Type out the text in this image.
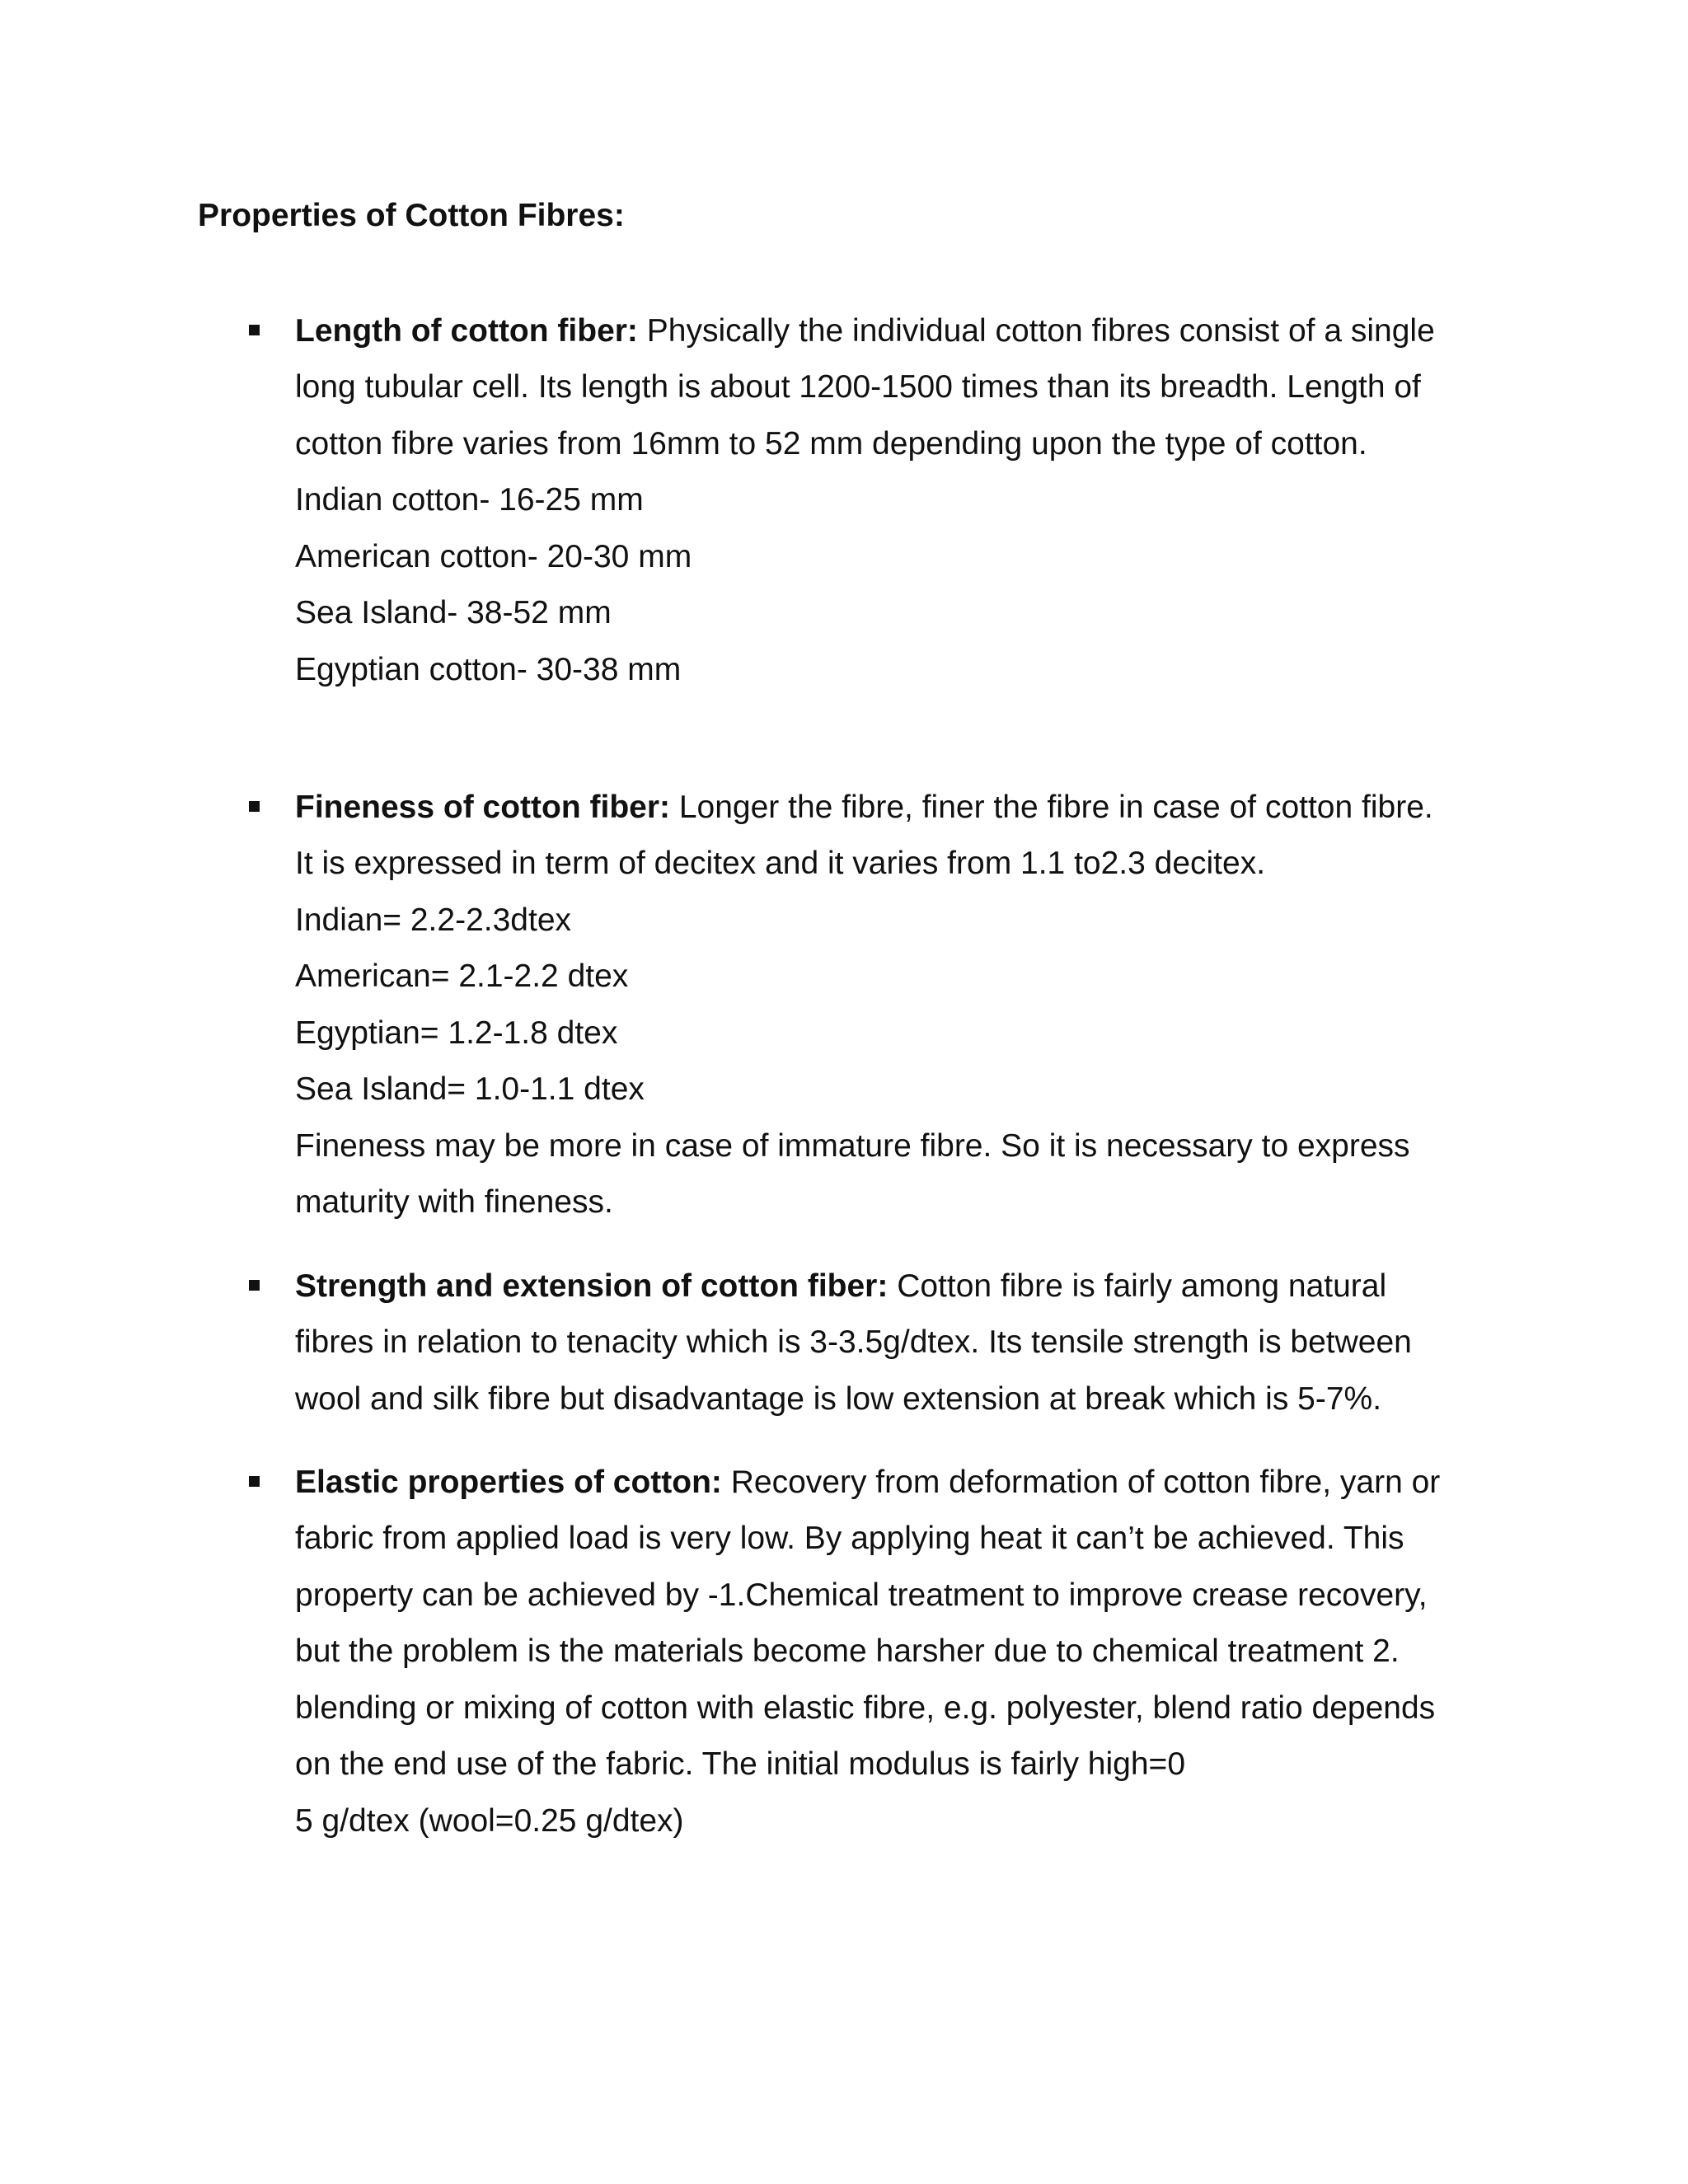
Properties of Cotton Fibres:
Length of cotton fiber: Physically the individual cotton fibres consist of a single
long tubular cell. Its length is about 1200-1500 times than its breadth. Length of
cotton fibre varies from 16mm to 52 mm depending upon the type of cotton.
Indian cotton- 16-25 mm
American cotton- 20-30 mm
Sea Island- 38-52 mm
Egyptian cotton- 30-38 mm
Fineness of cotton fiber: Longer the fibre, finer the fibre in case of cotton fibre.
It is expressed in term of decitex and it varies from 1.1 to2.3 decitex.
Indian= 2.2-2.3dtex
American= 2.1-2.2 dtex
Egyptian= 1.2-1.8 dtex
Sea Island= 1.0-1.1 dtex
Fineness may be more in case of immature fibre. So it is necessary to express
maturity with fineness.
Strength and extension of cotton fiber: Cotton fibre is fairly among natural
fibres in relation to tenacity which is 3-3.5g/dtex. Its tensile strength is between
wool and silk fibre but disadvantage is low extension at break which is 5-7%.
Elastic properties of cotton: Recovery from deformation of cotton fibre, yarn or
fabric from applied load is very low. By applying heat it can’t be achieved. This
property can be achieved by -1.Chemical treatment to improve crease recovery,
but the problem is the materials become harsher due to chemical treatment 2.
blending or mixing of cotton with elastic fibre, e.g. polyester, blend ratio depends
on the end use of the fabric. The initial modulus is fairly high=0
5 g/dtex (wool=0.25 g/dtex)
